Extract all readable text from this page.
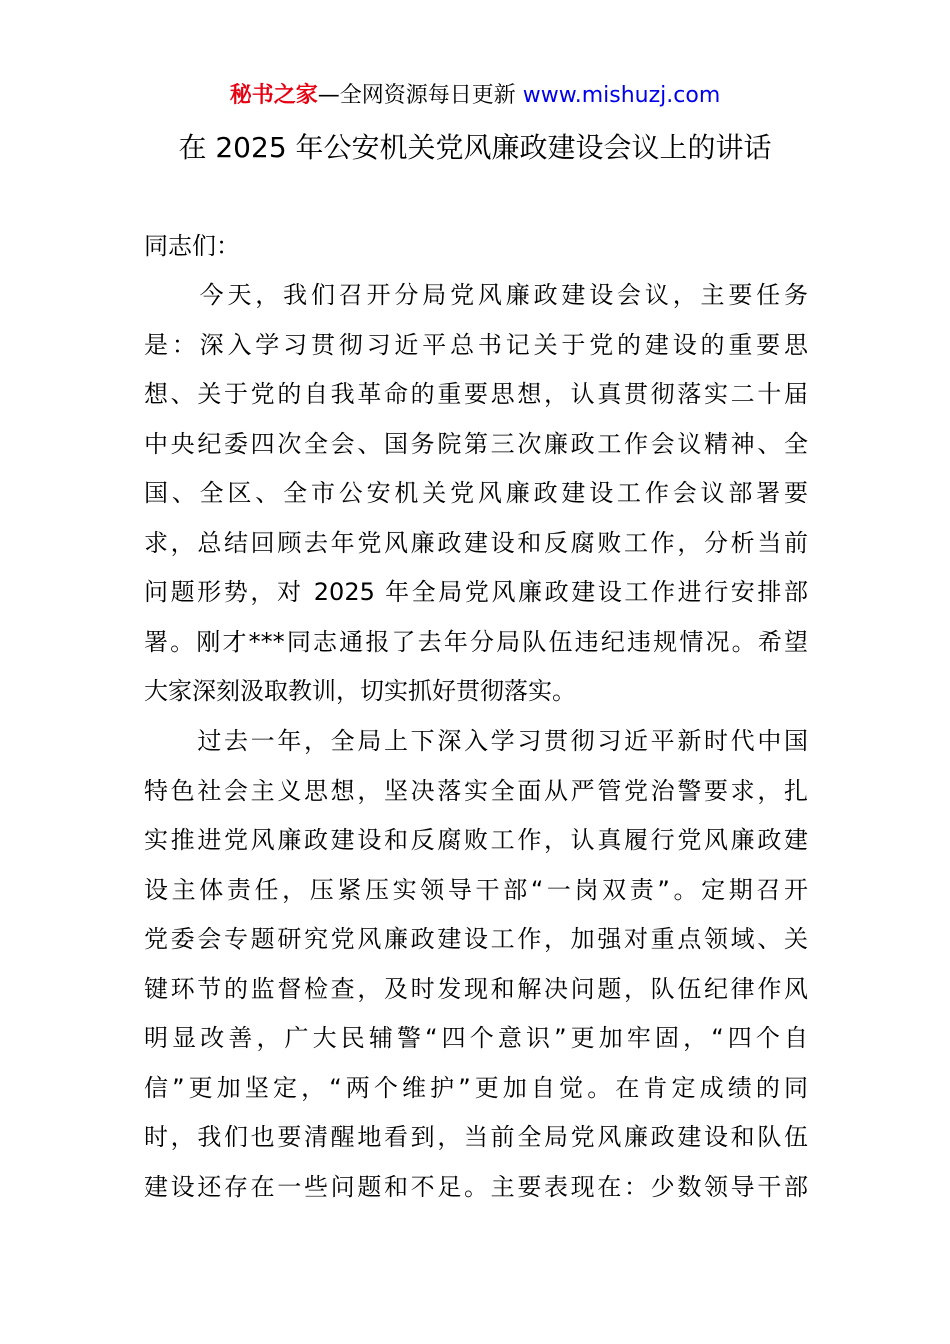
秘书之家—全网资源每日更新 www.mishuzj.com
在 2025 年公安机关党风廉政建设会议上的讲话
同志们：
　　今天，我们召开分局党风廉政建设会议，主要任务
是：深入学习贯彻习近平总书记关于党的建设的重要思
想、关于党的自我革命的重要思想，认真贯彻落实二十届
中央纪委四次全会、国务院第三次廉政工作会议精神、全
国、全区、全市公安机关党风廉政建设工作会议部署要
求，总结回顾去年党风廉政建设和反腐败工作，分析当前
问题形势，对 2025 年全局党风廉政建设工作进行安排部
署。刚才***同志通报了去年分局队伍违纪违规情况。希望
大家深刻汲取教训，切实抓好贯彻落实。
　　过去一年，全局上下深入学习贯彻习近平新时代中国
特色社会主义思想，坚决落实全面从严管党治警要求，扎
实推进党风廉政建设和反腐败工作，认真履行党风廉政建
设主体责任，压紧压实领导干部“一岗双责”。定期召开
党委会专题研究党风廉政建设工作，加强对重点领域、关
键环节的监督检查，及时发现和解决问题，队伍纪律作风
明显改善，广大民辅警“四个意识”更加牢固，“四个自
信”更加坚定，“两个维护”更加自觉。在肯定成绩的同
时，我们也要清醒地看到，当前全局党风廉政建设和队伍
建设还存在一些问题和不足。主要表现在：少数领导干部
